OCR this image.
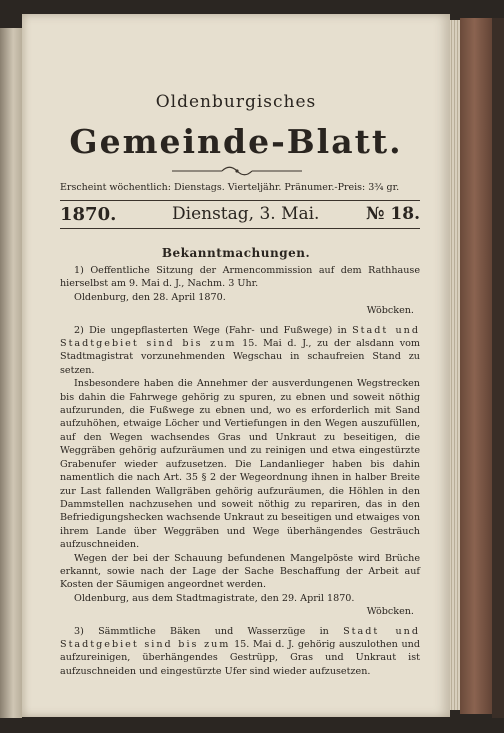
Oldenburgisches
Gemeinde-Blatt.
Erscheint wöchentlich: Dienstags. Vierteljähr. Pränumer.-Preis: 3¾ gr.
1870.	Dienstag, 3. Mai.	№ 18.
Bekanntmachungen.

1) Oeffentliche Sitzung der Armencommission auf dem Rathhause hierselbst am 9. Mai d. J., Nachm. 3 Uhr.

Oldenburg, den 28. April 1870.

Wöbcken.

2) Die ungepflasterten Wege (Fahr- und Fußwege) in Stadt und Stadtgebiet sind bis zum 15. Mai d. J., zu der alsdann vom Stadtmagistrat vorzunehmenden Wegschau in schaufreien Stand zu setzen.

Insbesondere haben die Annehmer der ausverdungenen Wegstrecken bis dahin die Fahrwege gehörig zu spuren, zu ebnen und soweit nöthig aufzurunden, die Fußwege zu ebnen und, wo es erforderlich mit Sand aufzuhöhen, etwaige Löcher und Vertiefungen in den Wegen auszufüllen, auf den Wegen wachsendes Gras und Unkraut zu beseitigen, die Weggräben gehörig aufzuräumen und zu reinigen und etwa eingestürzte Grabenufer wieder aufzusetzen. Die Landanlieger haben bis dahin namentlich die nach Art. 35 § 2 der Wegeordnung ihnen in halber Breite zur Last fallenden Wallgräben gehörig aufzuräumen, die Höhlen in den Dammstellen nachzusehen und soweit nöthig zu repariren, das in den Befriedigungshecken wachsende Unkraut zu beseitigen und etwaiges von ihrem Lande über Weggräben und Wege überhängendes Gesträuch aufzuschneiden.

Wegen der bei der Schauung befundenen Mangelpöste wird Brüche erkannt, sowie nach der Lage der Sache Beschaffung der Arbeit auf Kosten der Säumigen angeordnet werden.

Oldenburg, aus dem Stadtmagistrate, den 29. April 1870.

Wöbcken.

3) Sämmtliche Bäken und Wasserzüge in Stadt und Stadtgebiet sind bis zum 15. Mai d. J. gehörig auszulothen und aufzureinigen, überhängendes Gestrüpp, Gras und Unkraut ist aufzuschneiden und eingestürzte Ufer sind wieder aufzusetzen.
